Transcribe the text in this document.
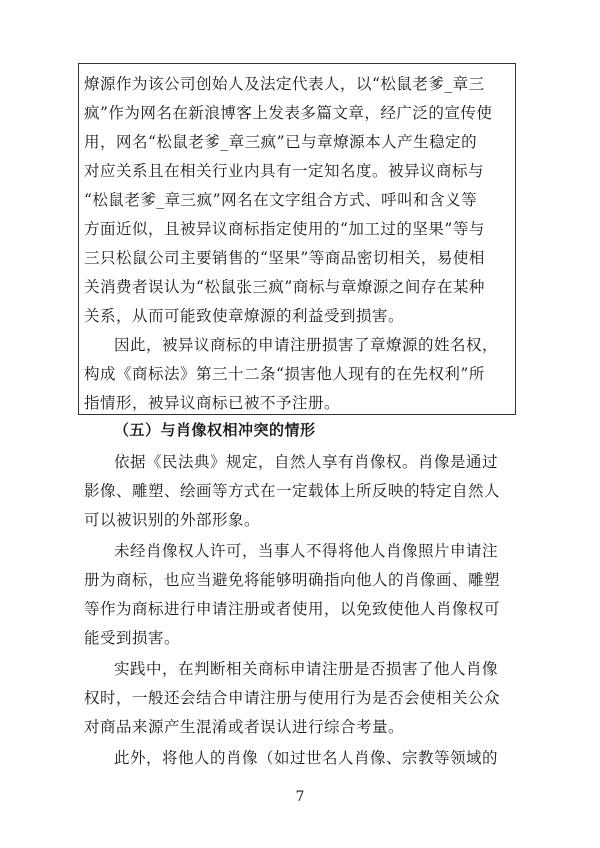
燎源作为该公司创始人及法定代表人，以“松鼠老爹_章三
疯”作为网名在新浪博客上发表多篇文章，经广泛的宣传使
用，网名“松鼠老爹_章三疯”已与章燎源本人产生稳定的
对应关系且在相关行业内具有一定知名度。被异议商标与
“松鼠老爹_章三疯”网名在文字组合方式、呼叫和含义等
方面近似，且被异议商标指定使用的“加工过的坚果”等与
三只松鼠公司主要销售的“坚果”等商品密切相关，易使相
关消费者误认为“松鼠张三疯”商标与章燎源之间存在某种
关系，从而可能致使章燎源的利益受到损害。
因此，被异议商标的申请注册损害了章燎源的姓名权，
构成《商标法》第三十二条“损害他人现有的在先权利”所
指情形，被异议商标已被不予注册。
（五）与肖像权相冲突的情形
依据《民法典》规定，自然人享有肖像权。肖像是通过
影像、雕塑、绘画等方式在一定载体上所反映的特定自然人
可以被识别的外部形象。
未经肖像权人许可，当事人不得将他人肖像照片申请注
册为商标，也应当避免将能够明确指向他人的肖像画、雕塑
等作为商标进行申请注册或者使用，以免致使他人肖像权可
能受到损害。
实践中，在判断相关商标申请注册是否损害了他人肖像
权时，一般还会结合申请注册与使用行为是否会使相关公众
对商品来源产生混淆或者误认进行综合考量。
此外，将他人的肖像（如过世名人肖像、宗教等领域的
7
